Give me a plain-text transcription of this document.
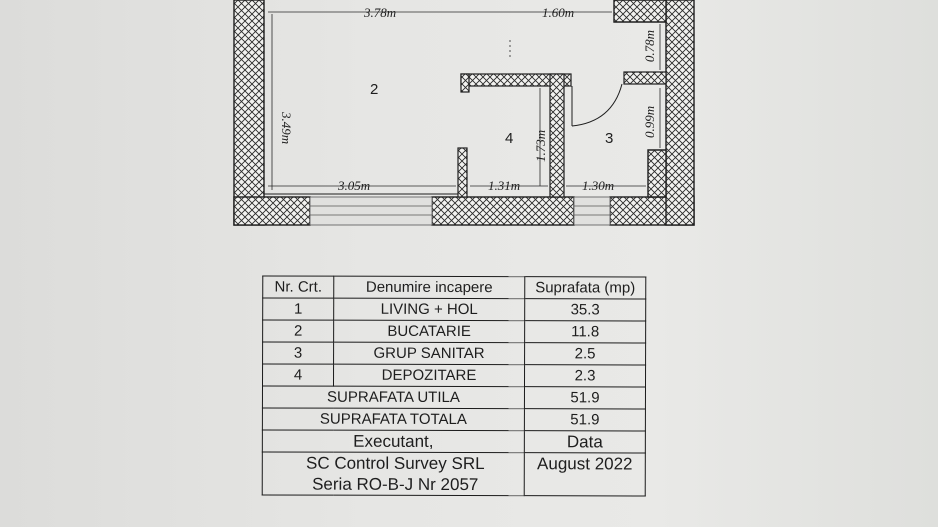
3.78m	1.60m
3.49m
0.78m
0.99m
1.73m
3.05m	1.31m	1.30m
2
4	3
Nr. Crt.	Denumire incapere	Suprafata (mp)
1	LIVING + HOL	35.3
2	BUCATARIE	11.8
3	GRUP SANITAR	2.5
4	DEPOZITARE	2.3
SUPRAFATA UTILA		51.9
SUPRAFATA TOTALA		51.9
Executant,		Data

SC Control Survey SRL
Seria RO-B-J Nr 2057		August 2022
